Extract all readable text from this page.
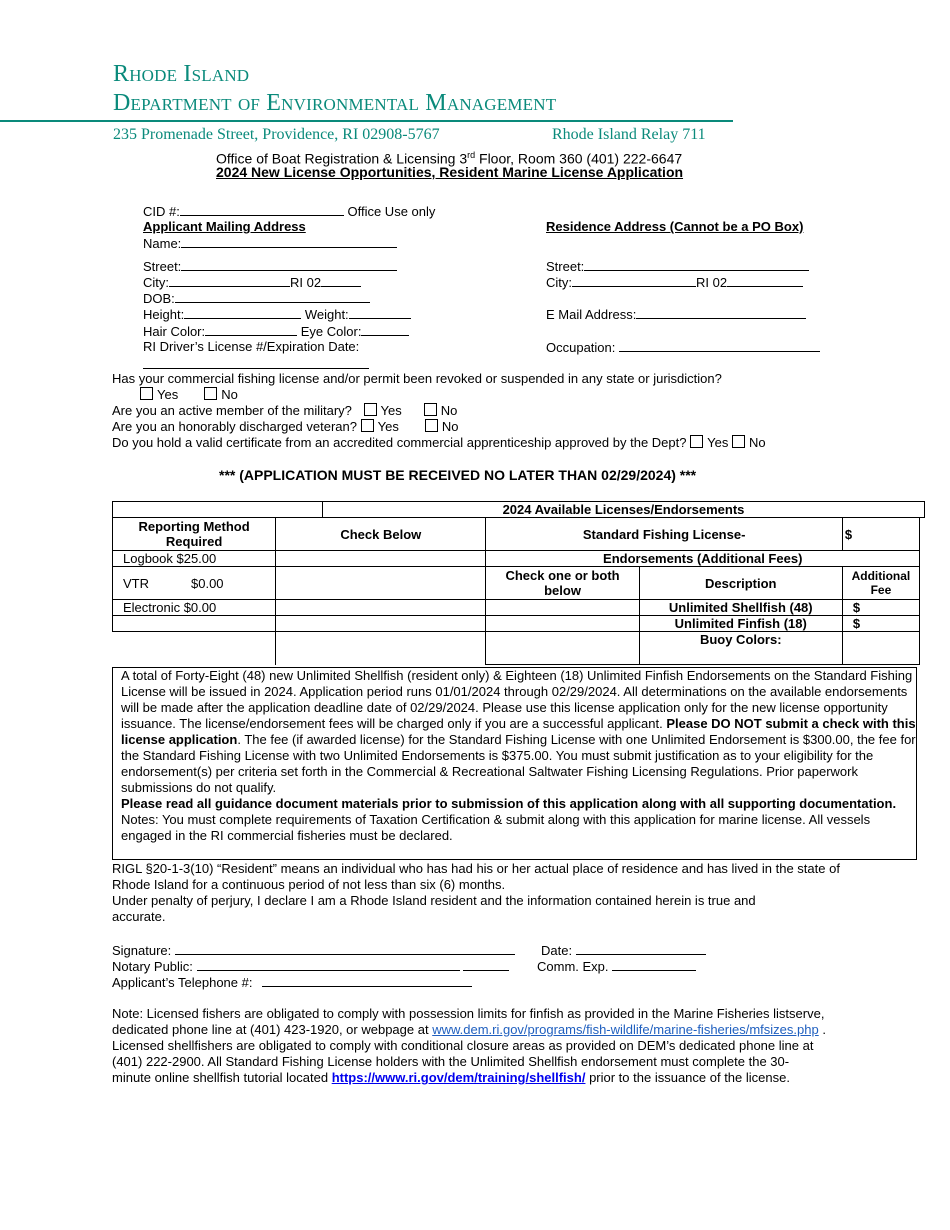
Rhode Island
Department of Environmental Management
235 Promenade Street, Providence, RI 02908-5767	Rhode Island Relay 711
Office of Boat Registration & Licensing 3rd Floor, Room 360 (401) 222-6647
2024 New License Opportunities, Resident Marine License Application
CID #:	Office Use only
Applicant Mailing Address	Residence Address (Cannot be a PO Box)
Name:
Street:	Street:
City:	RI 02	City:	RI 02
DOB:
Height:	Weight:	E Mail Address:
Hair Color:	Eye Color:
RI Driver’s License #/Expiration Date:	Occupation:
Has your commercial fishing license and/or permit been revoked or suspended in any state or jurisdiction?
Yes	No
Are you an active member of the military? Yes	No
Are you an honorably discharged veteran? Yes	No
Do you hold a valid certificate from an accredited commercial apprenticeship approved by the Dept? Yes No
*** (APPLICATION MUST BE RECEIVED NO LATER THAN 02/29/2024) ***
	2024 Available Licenses/Endorsements
Reporting Method Required	Check Below	Standard Fishing License-		$
Logbook $25.00		Endorsements (Additional Fees)		
VTR $0.00		Check one or both below	Description	Additional Fee
Electronic $0.00			Unlimited Shellfish (48)	$
			Unlimited Finfish (18)	$
			Buoy Colors:	

A total of Forty-Eight (48) new Unlimited Shellfish (resident only) & Eighteen (18) Unlimited Finfish Endorsements on the Standard Fishing License will be issued in 2024. Application period runs 01/01/2024 through 02/29/2024. All determinations on the available endorsements will be made after the application deadline date of 02/29/2024. Please use this license application only for the new license opportunity issuance. The license/endorsement fees will be charged only if you are a successful applicant. Please DO NOT submit a check with this license application. The fee (if awarded license) for the Standard Fishing License with one Unlimited Endorsement is $300.00, the fee for the Standard Fishing License with two Unlimited Endorsements is $375.00. You must submit justification as to your eligibility for the endorsement(s) per criteria set forth in the Commercial & Recreational Saltwater Fishing Licensing Regulations. Prior paperwork submissions do not qualify.

Please read all guidance document materials prior to submission of this application along with all supporting documentation.

Notes: You must complete requirements of Taxation Certification & submit along with this application for marine license. All vessels engaged in the RI commercial fisheries must be declared.

RIGL §20-1-3(10) “Resident” means an individual who has had his or her actual place of residence and has lived in the state of Rhode Island for a continuous period of not less than six (6) months.
Under penalty of perjury, I declare I am a Rhode Island resident and the information contained herein is true and accurate.
Signature:	Date:
Notary Public:	Comm. Exp.
Applicant’s Telephone #:
Note: Licensed fishers are obligated to comply with possession limits for finfish as provided in the Marine Fisheries listserve, dedicated phone line at (401) 423-1920, or webpage at www.dem.ri.gov/programs/fish-wildlife/marine-fisheries/mfsizes.php . Licensed shellfishers are obligated to comply with conditional closure areas as provided on DEM’s dedicated phone line at (401) 222-2900. All Standard Fishing License holders with the Unlimited Shellfish endorsement must complete the 30-minute online shellfish tutorial located https://www.ri.gov/dem/training/shellfish/ prior to the issuance of the license.
